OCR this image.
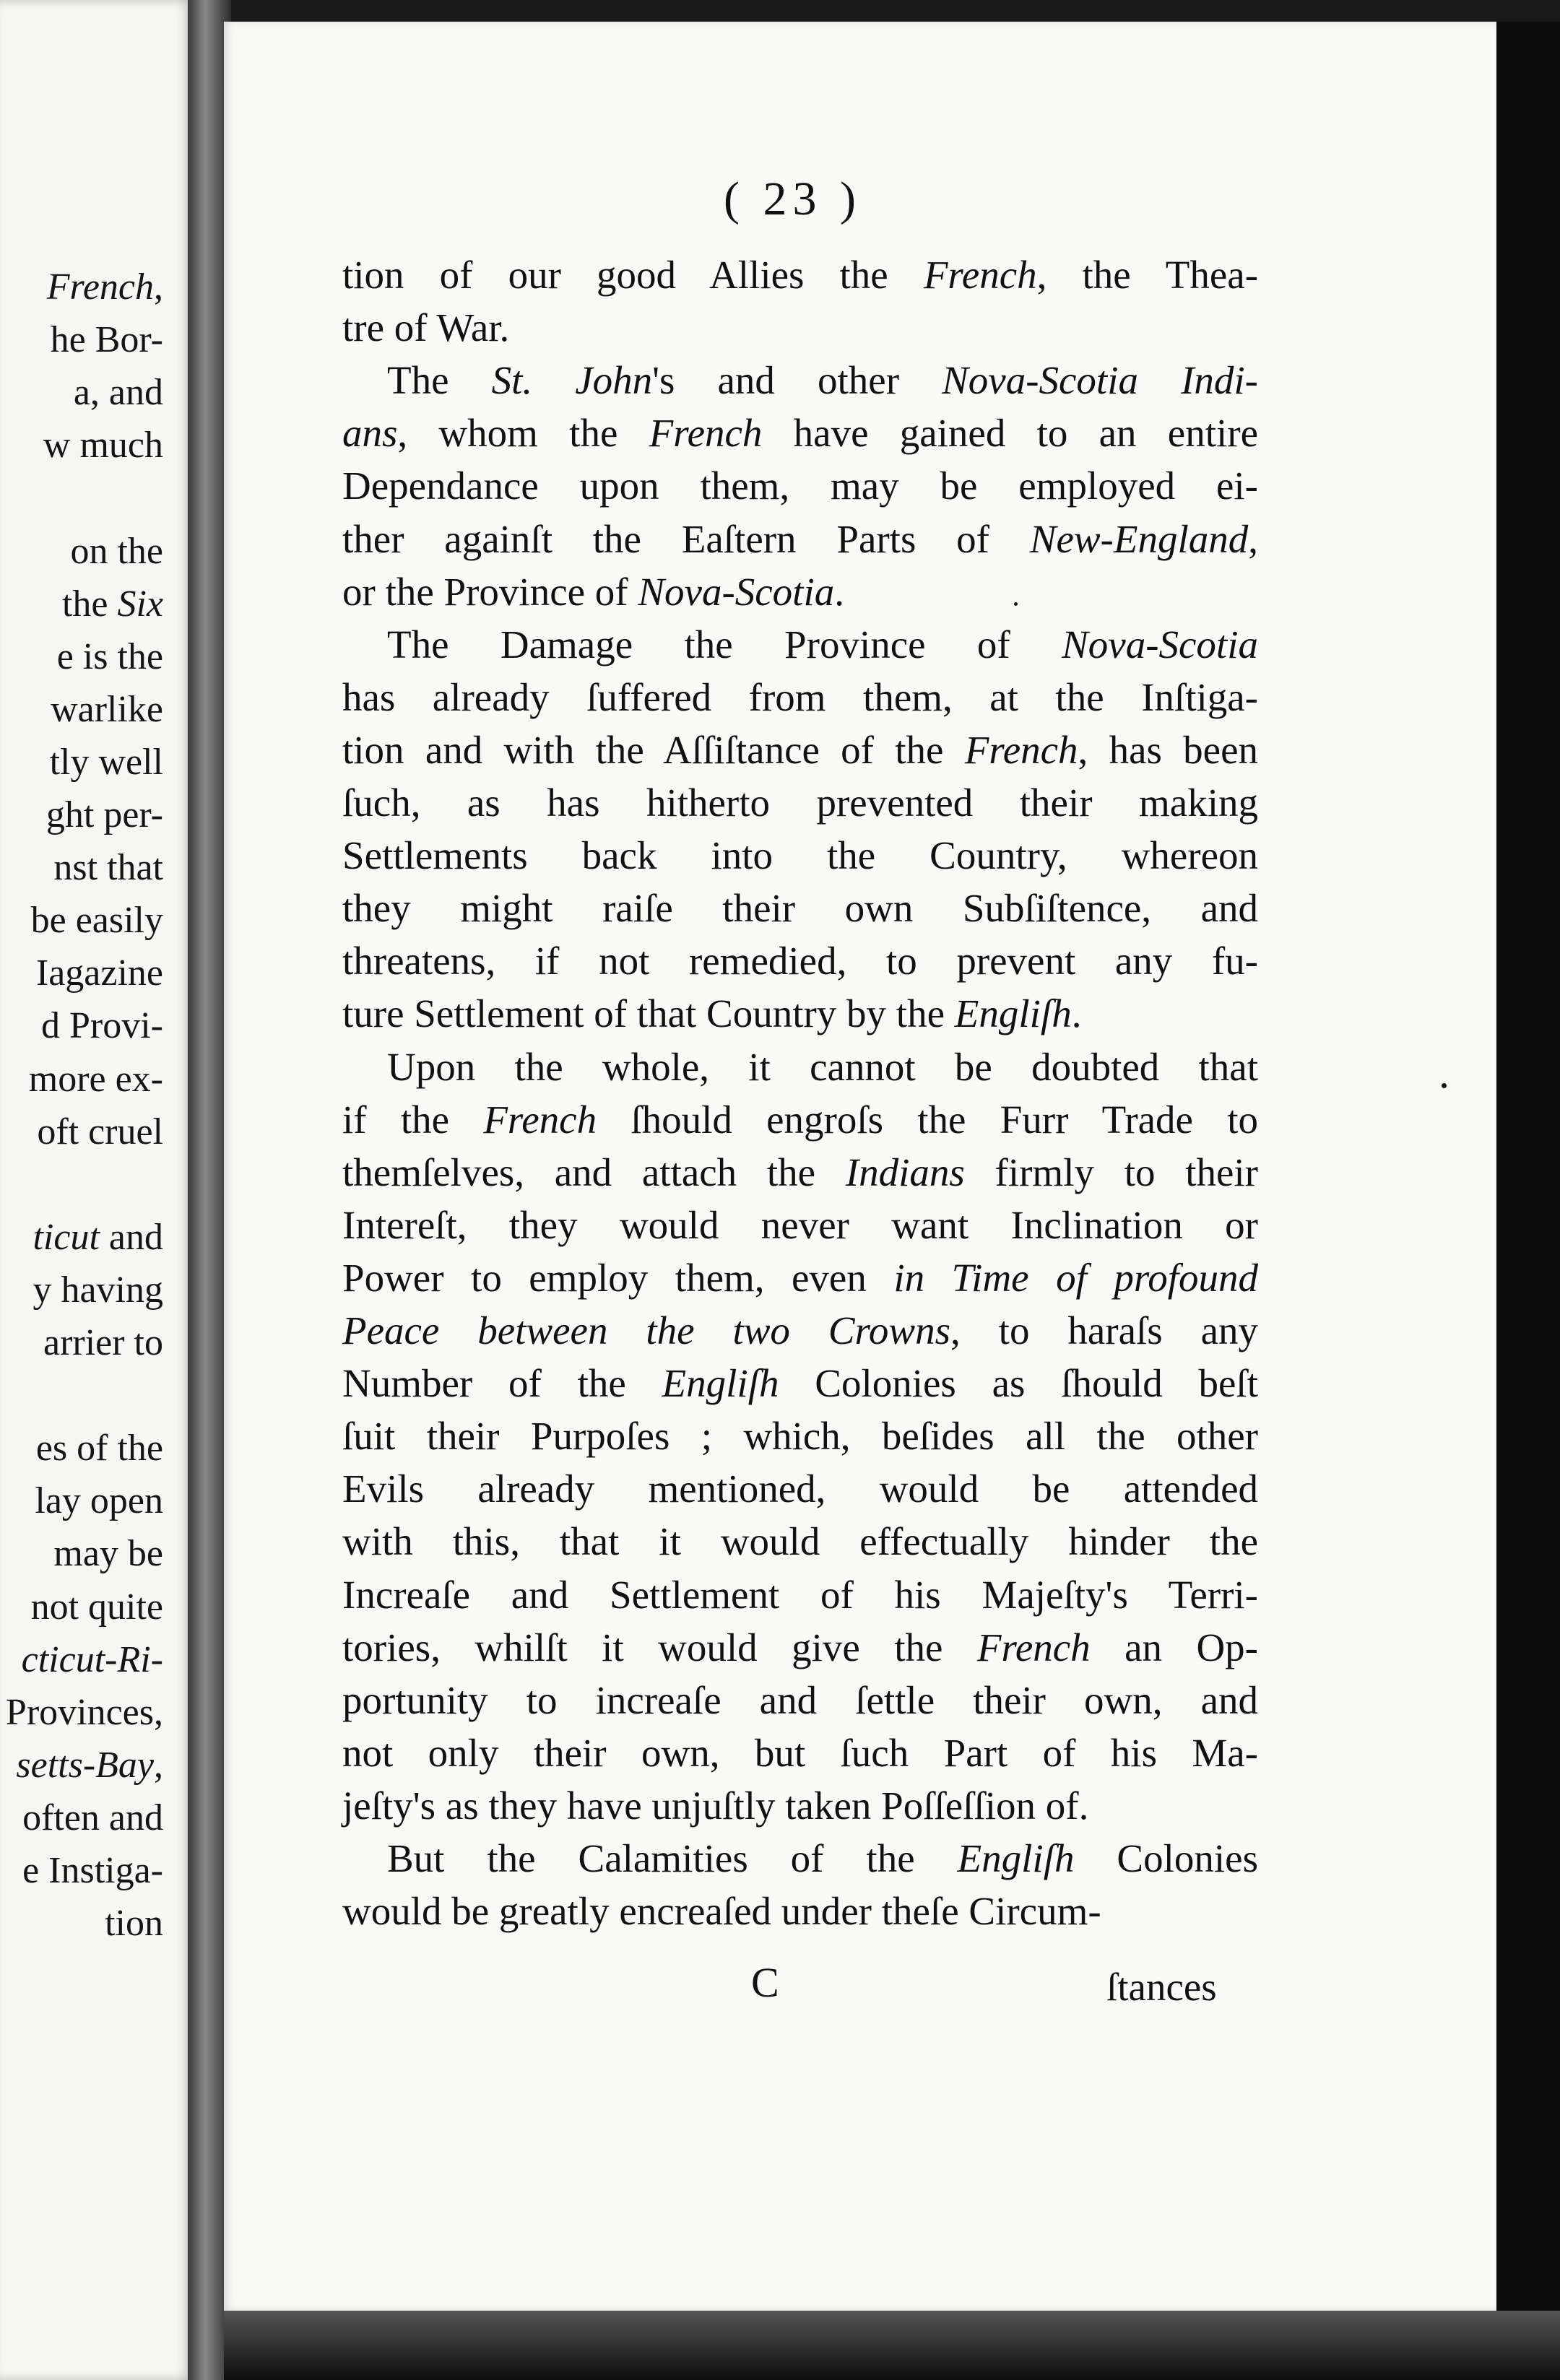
French,
he Bor-
a, and
w much
on the
the Six
e is the
warlike
tly well
ght per-
nst that
be easily
Iagazine
d Provi-
more ex-
oft cruel
ticut and
y having
arrier to
es of the
lay open
may be
not quite
cticut-Ri-
Provinces,
setts-Bay,
often and
e Instiga-
tion
( 23 )
tion of our good Allies the French, the Thea-
tre of War.
The St. John's and other Nova-Scotia Indi-
ans, whom the French have gained to an entire
Dependance upon them, may be employed ei-
ther againſt the Eaſtern Parts of New-England,
or the Province of Nova-Scotia.
The Damage the Province of Nova-Scotia
has already ſuffered from them, at the Inſtiga-
tion and with the Aſſiſtance of the French, has been
ſuch, as has hitherto prevented their making
Settlements back into the Country, whereon
they might raiſe their own Subſiſtence, and
threatens, if not remedied, to prevent any fu-
ture Settlement of that Country by the Engliſh.
Upon the whole, it cannot be doubted that
if the French ſhould engroſs the Furr Trade to
themſelves, and attach the Indians firmly to their
Intereſt, they would never want Inclination or
Power to employ them, even in Time of profound
Peace between the two Crowns, to haraſs any
Number of the Engliſh Colonies as ſhould beſt
ſuit their Purpoſes ; which, beſides all the other
Evils already mentioned, would be attended
with this, that it would effectually hinder the
Increaſe and Settlement of his Majeſty's Terri-
tories, whilſt it would give the French an Op-
portunity to increaſe and ſettle their own, and
not only their own, but ſuch Part of his Ma-
jeſty's as they have unjuſtly taken Poſſeſſion of.
But the Calamities of the Engliſh Colonies
would be greatly encreaſed under theſe Circum-
C	ſtances
